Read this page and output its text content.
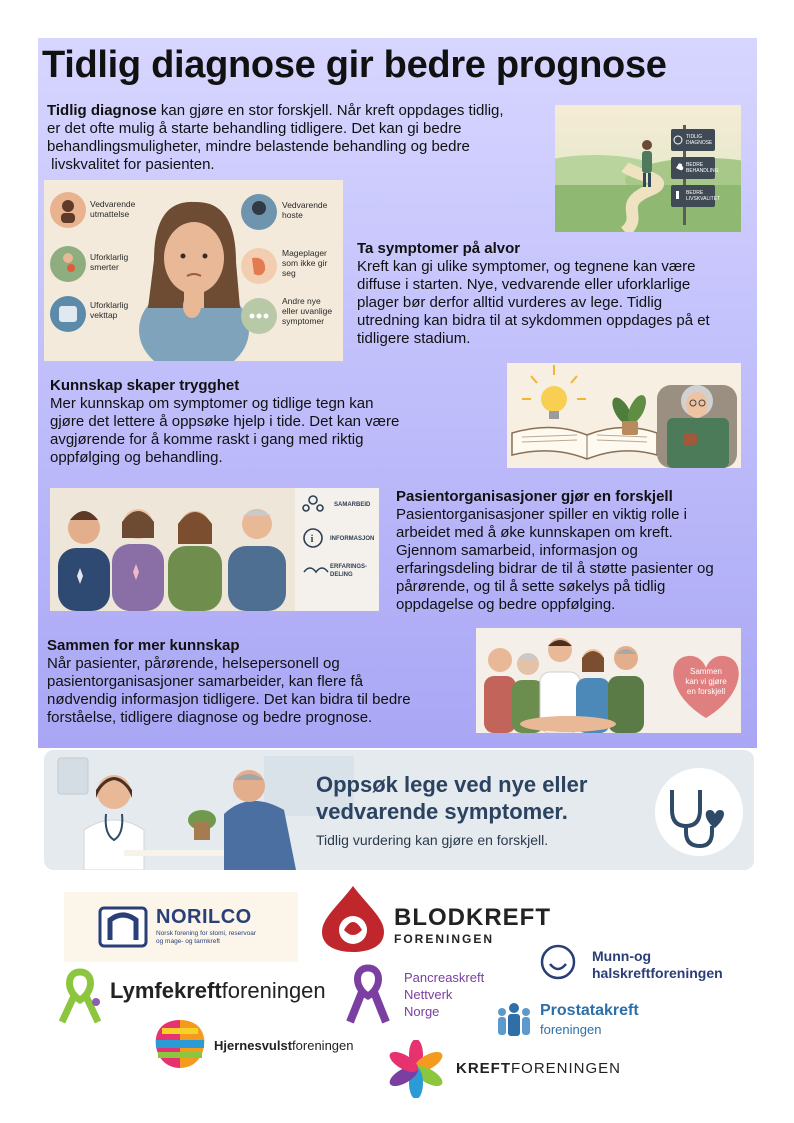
Tidlig diagnose gir bedre prognose
Tidlig diagnose kan gjøre en stor forskjell. Når kreft oppdages tidlig,
er det ofte mulig å starte behandling tidligere. Det kan gi bedre
behandlingsmuligheter, mindre belastende behandling og bedre
livskvalitet for pasienten.
TIDLIG DIAGNOSE
BEDRE BEHANDLING
BEDRE LIVSKVALITET
Vedvarende utmattelse
Uforklarlig smerter
Uforklarlig vekttap
Vedvarende hoste
Mageplager som ikke gir seg
Andre nye eller uvanlige symptomer
Ta symptomer på alvor
Kreft kan gi ulike symptomer, og tegnene kan være
diffuse i starten. Nye, vedvarende eller uforklarlige
plager bør derfor alltid vurderes av lege. Tidlig
utredning kan bidra til at sykdommen oppdages på et
tidligere stadium.
Kunnskap skaper trygghet
Mer kunnskap om symptomer og tidlige tegn kan
gjøre det lettere å oppsøke hjelp i tide. Det kan være
avgjørende for å komme raskt i gang med riktig
oppfølging og behandling.
i
SAMARBEID
INFORMASJON
ERFARINGS-DELING
Pasientorganisasjoner gjør en forskjell
Pasientorganisasjoner spiller en viktig rolle i
arbeidet med å øke kunnskapen om kreft.
Gjennom samarbeid, informasjon og
erfaringsdeling bidrar de til å støtte pasienter og
pårørende, og til å sette søkelys på tidlig
oppdagelse og bedre oppfølging.
Sammen for mer kunnskap
Når pasienter, pårørende, helsepersonell og
pasientorganisasjoner samarbeider, kan flere få
nødvendig informasjon tidligere. Det kan bidra til bedre
forståelse, tidligere diagnose og bedre prognose.
Sammen kan vi gjøre en forskjell
Oppsøk lege ved nye eller
vedvarende symptomer.
Tidlig vurdering kan gjøre en forskjell.
NORILCO
Norsk forening for stomi, reservoar
og mage- og tarmkreft
BLODKREFT
FORENINGEN
Munn-og
halskreftforeningen
Lymfekreftforeningen
Pancreaskreft
Nettverk
Norge	Prostatakreft
foreningen
Hjernesvulstforeningen
KREFTFORENINGEN
